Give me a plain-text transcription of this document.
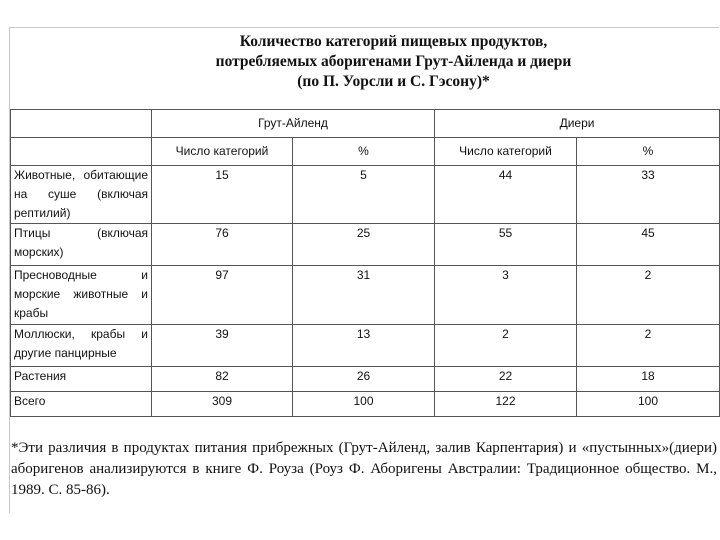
Количество категорий пищевых продуктов,
потребляемых аборигенами Грут-Айленда и диери
(по П. Уорсли и С. Гэсону)*
	Грут-Айленд		Диери	
	Число категорий	%	Число категорий	%
Животные, обитающие на суше (включая рептилий)	15	5	44	33
Птицы (включая морских)	76	25	55	45
Пресноводные и морские животные и крабы	97	31	3	2
Моллюски, крабы и другие панцирные	39	13	2	2
Растения	82	26	22	18
Всего	309	100	122	100
*Эти различия в продуктах питания прибрежных (Грут-Айленд, залив Карпентария) и «пустынных»(диери) аборигенов анализируются в книге Ф. Роуза (Роуз Ф. Аборигены Австралии: Традиционное общество. М., 1989. С. 85-86).
